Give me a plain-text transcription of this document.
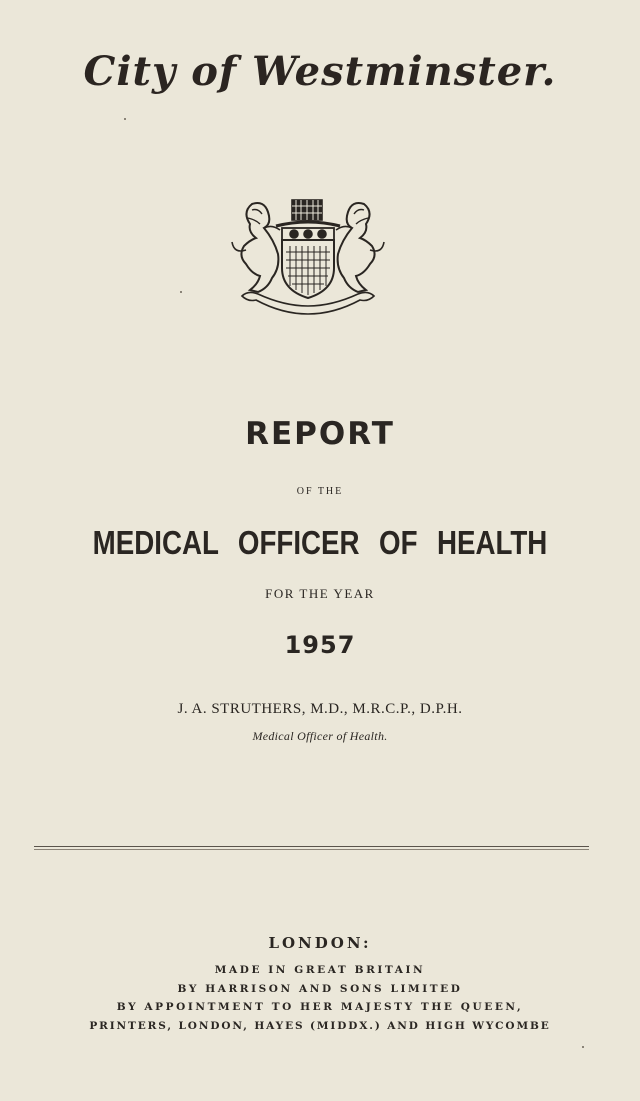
City of Westminster.
REPORT
OF THE
MEDICAL OFFICER OF HEALTH
FOR THE YEAR
1957
J. A. STRUTHERS, M.D., M.R.C.P., D.P.H.
Medical Officer of Health.
LONDON:
MADE IN GREAT BRITAIN
BY HARRISON AND SONS LIMITED
BY APPOINTMENT TO HER MAJESTY THE QUEEN,
PRINTERS, LONDON, HAYES (MIDDX.) AND HIGH WYCOMBE
